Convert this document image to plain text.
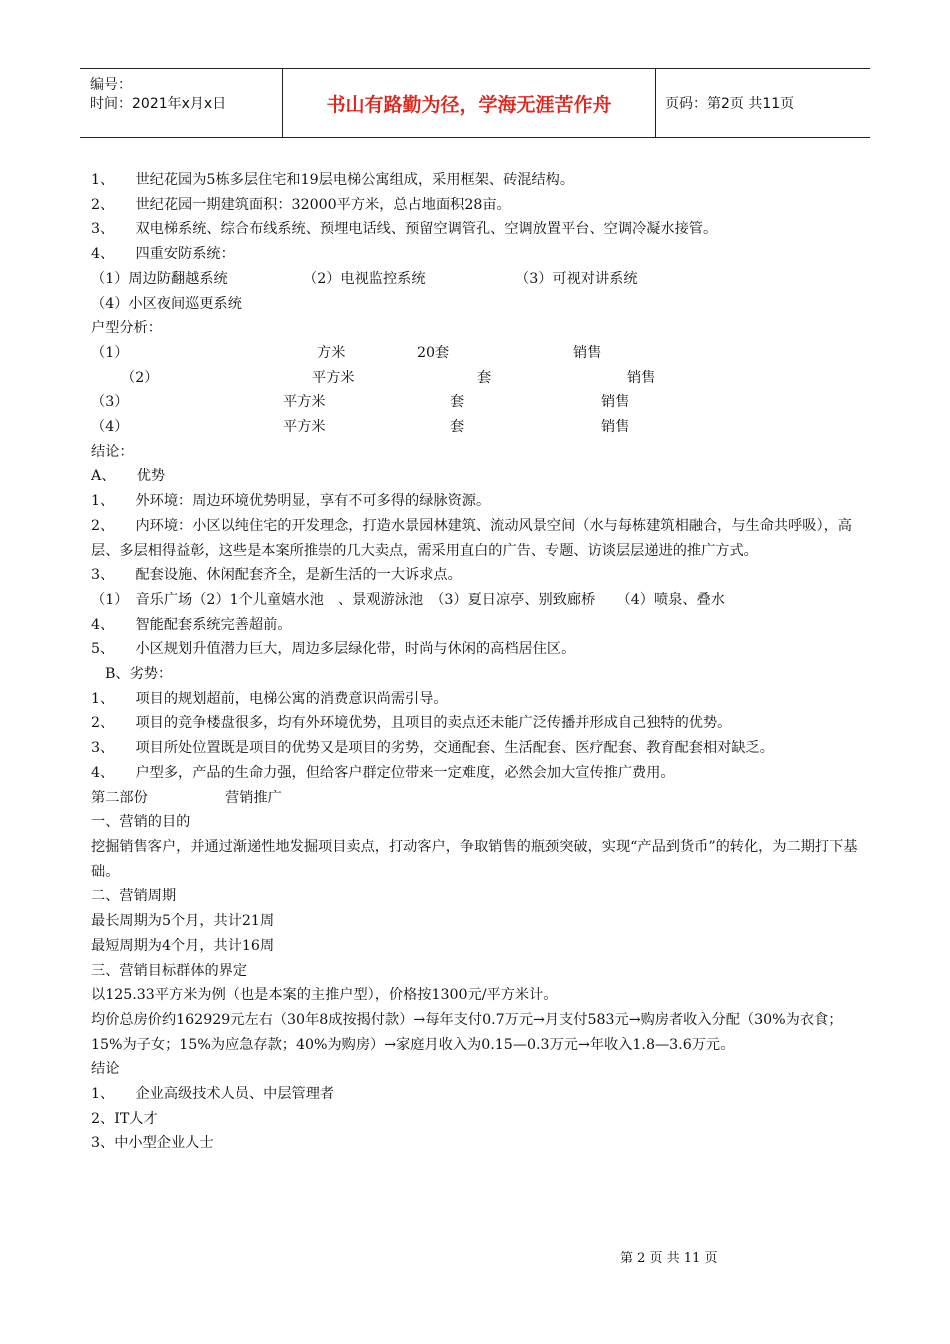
编号：
时间：2021年x月x日	书山有路勤为径，学海无涯苦作舟	页码：第2页 共11页
1、　　世纪花园为5栋多层住宅和19层电梯公寓组成，采用框架、砖混结构。
2、　　世纪花园一期建筑面积：32000平方米，总占地面积28亩。
3、　　双电梯系统、综合布线系统、预埋电话线、预留空调管孔、空调放置平台、空调冷凝水接管。
4、　　四重安防系统：
（1）周边防翻越系统	（2）电视监控系统	（3）可视对讲系统
（4）小区夜间巡更系统
户型分析：
（1）	方米	20套	销售
（2）	平方米	套	销售
（3）	平方米	套	销售
（4）	平方米	套	销售
结论：
A、　　优势
1、　　外环境：周边环境优势明显，享有不可多得的绿脉资源。
2、　　内环境：小区以纯住宅的开发理念，打造水景园林建筑、流动风景空间（水与每栋建筑相融合，与生命共呼吸），高层、多层相得益彰，这些是本案所推崇的几大卖点，需采用直白的广告、专题、访谈层层递进的推广方式。
3、　　配套设施、休闲配套齐全，是新生活的一大诉求点。
（1）　音乐广场（2）1个儿童嬉水池　、景观游泳池　（3）夏日凉亭、别致廊桥　　（4）喷泉、叠水
4、　　智能配套系统完善超前。
5、　　小区规划升值潜力巨大，周边多层绿化带，时尚与休闲的高档居住区。
B、劣势：
1、　　项目的规划超前，电梯公寓的消费意识尚需引导。
2、　　项目的竞争楼盘很多，均有外环境优势，且项目的卖点还未能广泛传播并形成自己独特的优势。
3、　　项目所处位置既是项目的优势又是项目的劣势，交通配套、生活配套、医疗配套、教育配套相对缺乏。
4、　　户型多，产品的生命力强，但给客户群定位带来一定难度，必然会加大宣传推广费用。
第二部份	营销推广
一、营销的目的
挖掘销售客户，并通过渐递性地发掘项目卖点，打动客户，争取销售的瓶颈突破，实现“产品到货币”的转化，为二期打下基础。
二、营销周期
最长周期为5个月，共计21周
最短周期为4个月，共计16周
三、营销目标群体的界定
以125.33平方米为例（也是本案的主推户型），价格按1300元/平方米计。
均价总房价约162929元左右（30年8成按揭付款）→每年支付0.7万元→月支付583元→购房者收入分配（30%为衣食；15%为子女；15%为应急存款；40%为购房）→家庭月收入为0.15—0.3万元→年收入1.8—3.6万元。
结论
1、　　企业高级技术人员、中层管理者
2、IT人才
3、中小型企业人士
第 2 页 共 11 页
